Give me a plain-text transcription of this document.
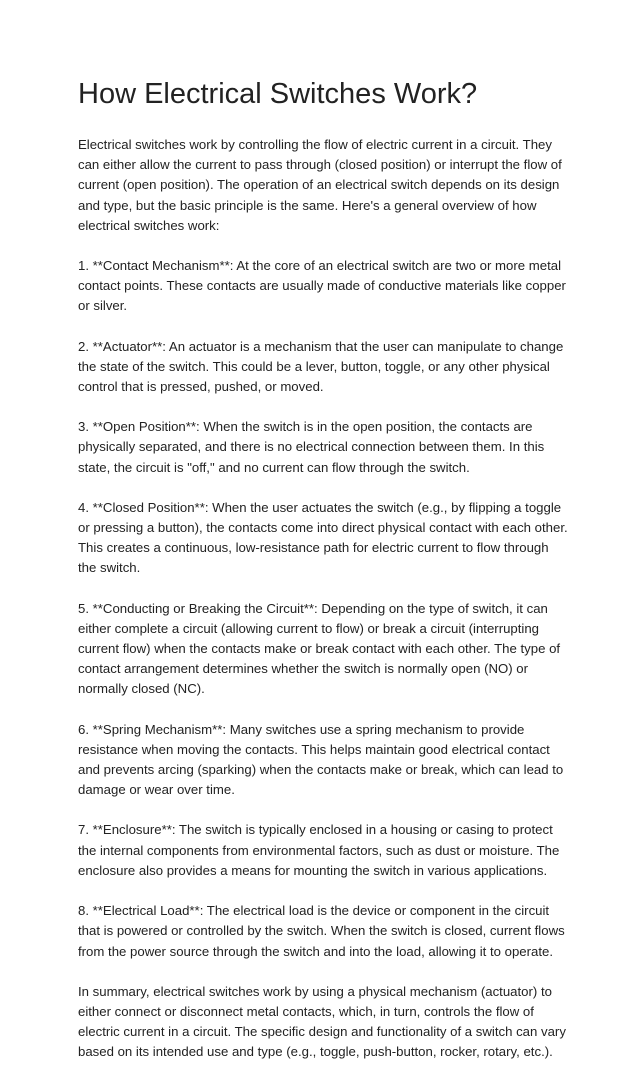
How Electrical Switches Work?

Electrical switches work by controlling the flow of electric current in a circuit. They can either allow the current to pass through (closed position) or interrupt the flow of current (open position). The operation of an electrical switch depends on its design and type, but the basic principle is the same. Here's a general overview of how electrical switches work:

1. **Contact Mechanism**: At the core of an electrical switch are two or more metal contact points. These contacts are usually made of conductive materials like copper or silver.

2. **Actuator**: An actuator is a mechanism that the user can manipulate to change the state of the switch. This could be a lever, button, toggle, or any other physical control that is pressed, pushed, or moved.

3. **Open Position**: When the switch is in the open position, the contacts are physically separated, and there is no electrical connection between them. In this state, the circuit is "off," and no current can flow through the switch.

4. **Closed Position**: When the user actuates the switch (e.g., by flipping a toggle or pressing a button), the contacts come into direct physical contact with each other. This creates a continuous, low-resistance path for electric current to flow through the switch.

5. **Conducting or Breaking the Circuit**: Depending on the type of switch, it can either complete a circuit (allowing current to flow) or break a circuit (interrupting current flow) when the contacts make or break contact with each other. The type of contact arrangement determines whether the switch is normally open (NO) or normally closed (NC).

6. **Spring Mechanism**: Many switches use a spring mechanism to provide resistance when moving the contacts. This helps maintain good electrical contact and prevents arcing (sparking) when the contacts make or break, which can lead to damage or wear over time.

7. **Enclosure**: The switch is typically enclosed in a housing or casing to protect the internal components from environmental factors, such as dust or moisture. The enclosure also provides a means for mounting the switch in various applications.

8. **Electrical Load**: The electrical load is the device or component in the circuit that is powered or controlled by the switch. When the switch is closed, current flows from the power source through the switch and into the load, allowing it to operate.

In summary, electrical switches work by using a physical mechanism (actuator) to either connect or disconnect metal contacts, which, in turn, controls the flow of electric current in a circuit. The specific design and functionality of a switch can vary based on its intended use and type (e.g., toggle, push-button, rocker, rotary, etc.).
